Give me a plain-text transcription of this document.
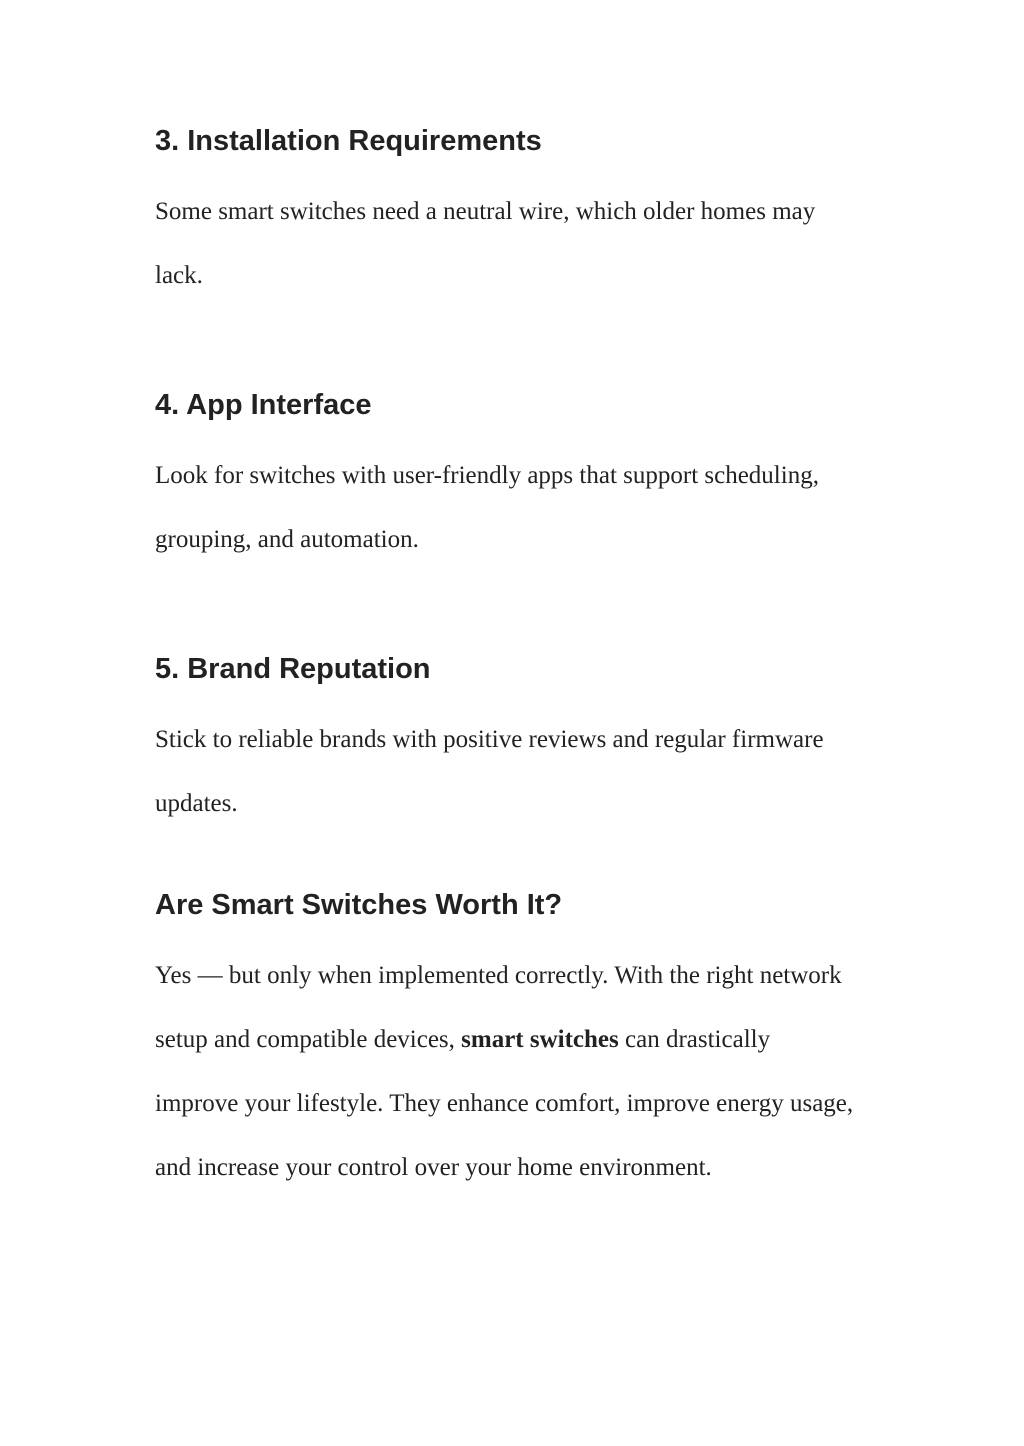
3. Installation Requirements

Some smart switches need a neutral wire, which older homes may lack.

4. App Interface

Look for switches with user-friendly apps that support scheduling, grouping, and automation.

5. Brand Reputation

Stick to reliable brands with positive reviews and regular firmware updates.

Are Smart Switches Worth It?

Yes — but only when implemented correctly. With the right network setup and compatible devices, smart switches can drastically improve your lifestyle. They enhance comfort, improve energy usage, and increase your control over your home environment.
